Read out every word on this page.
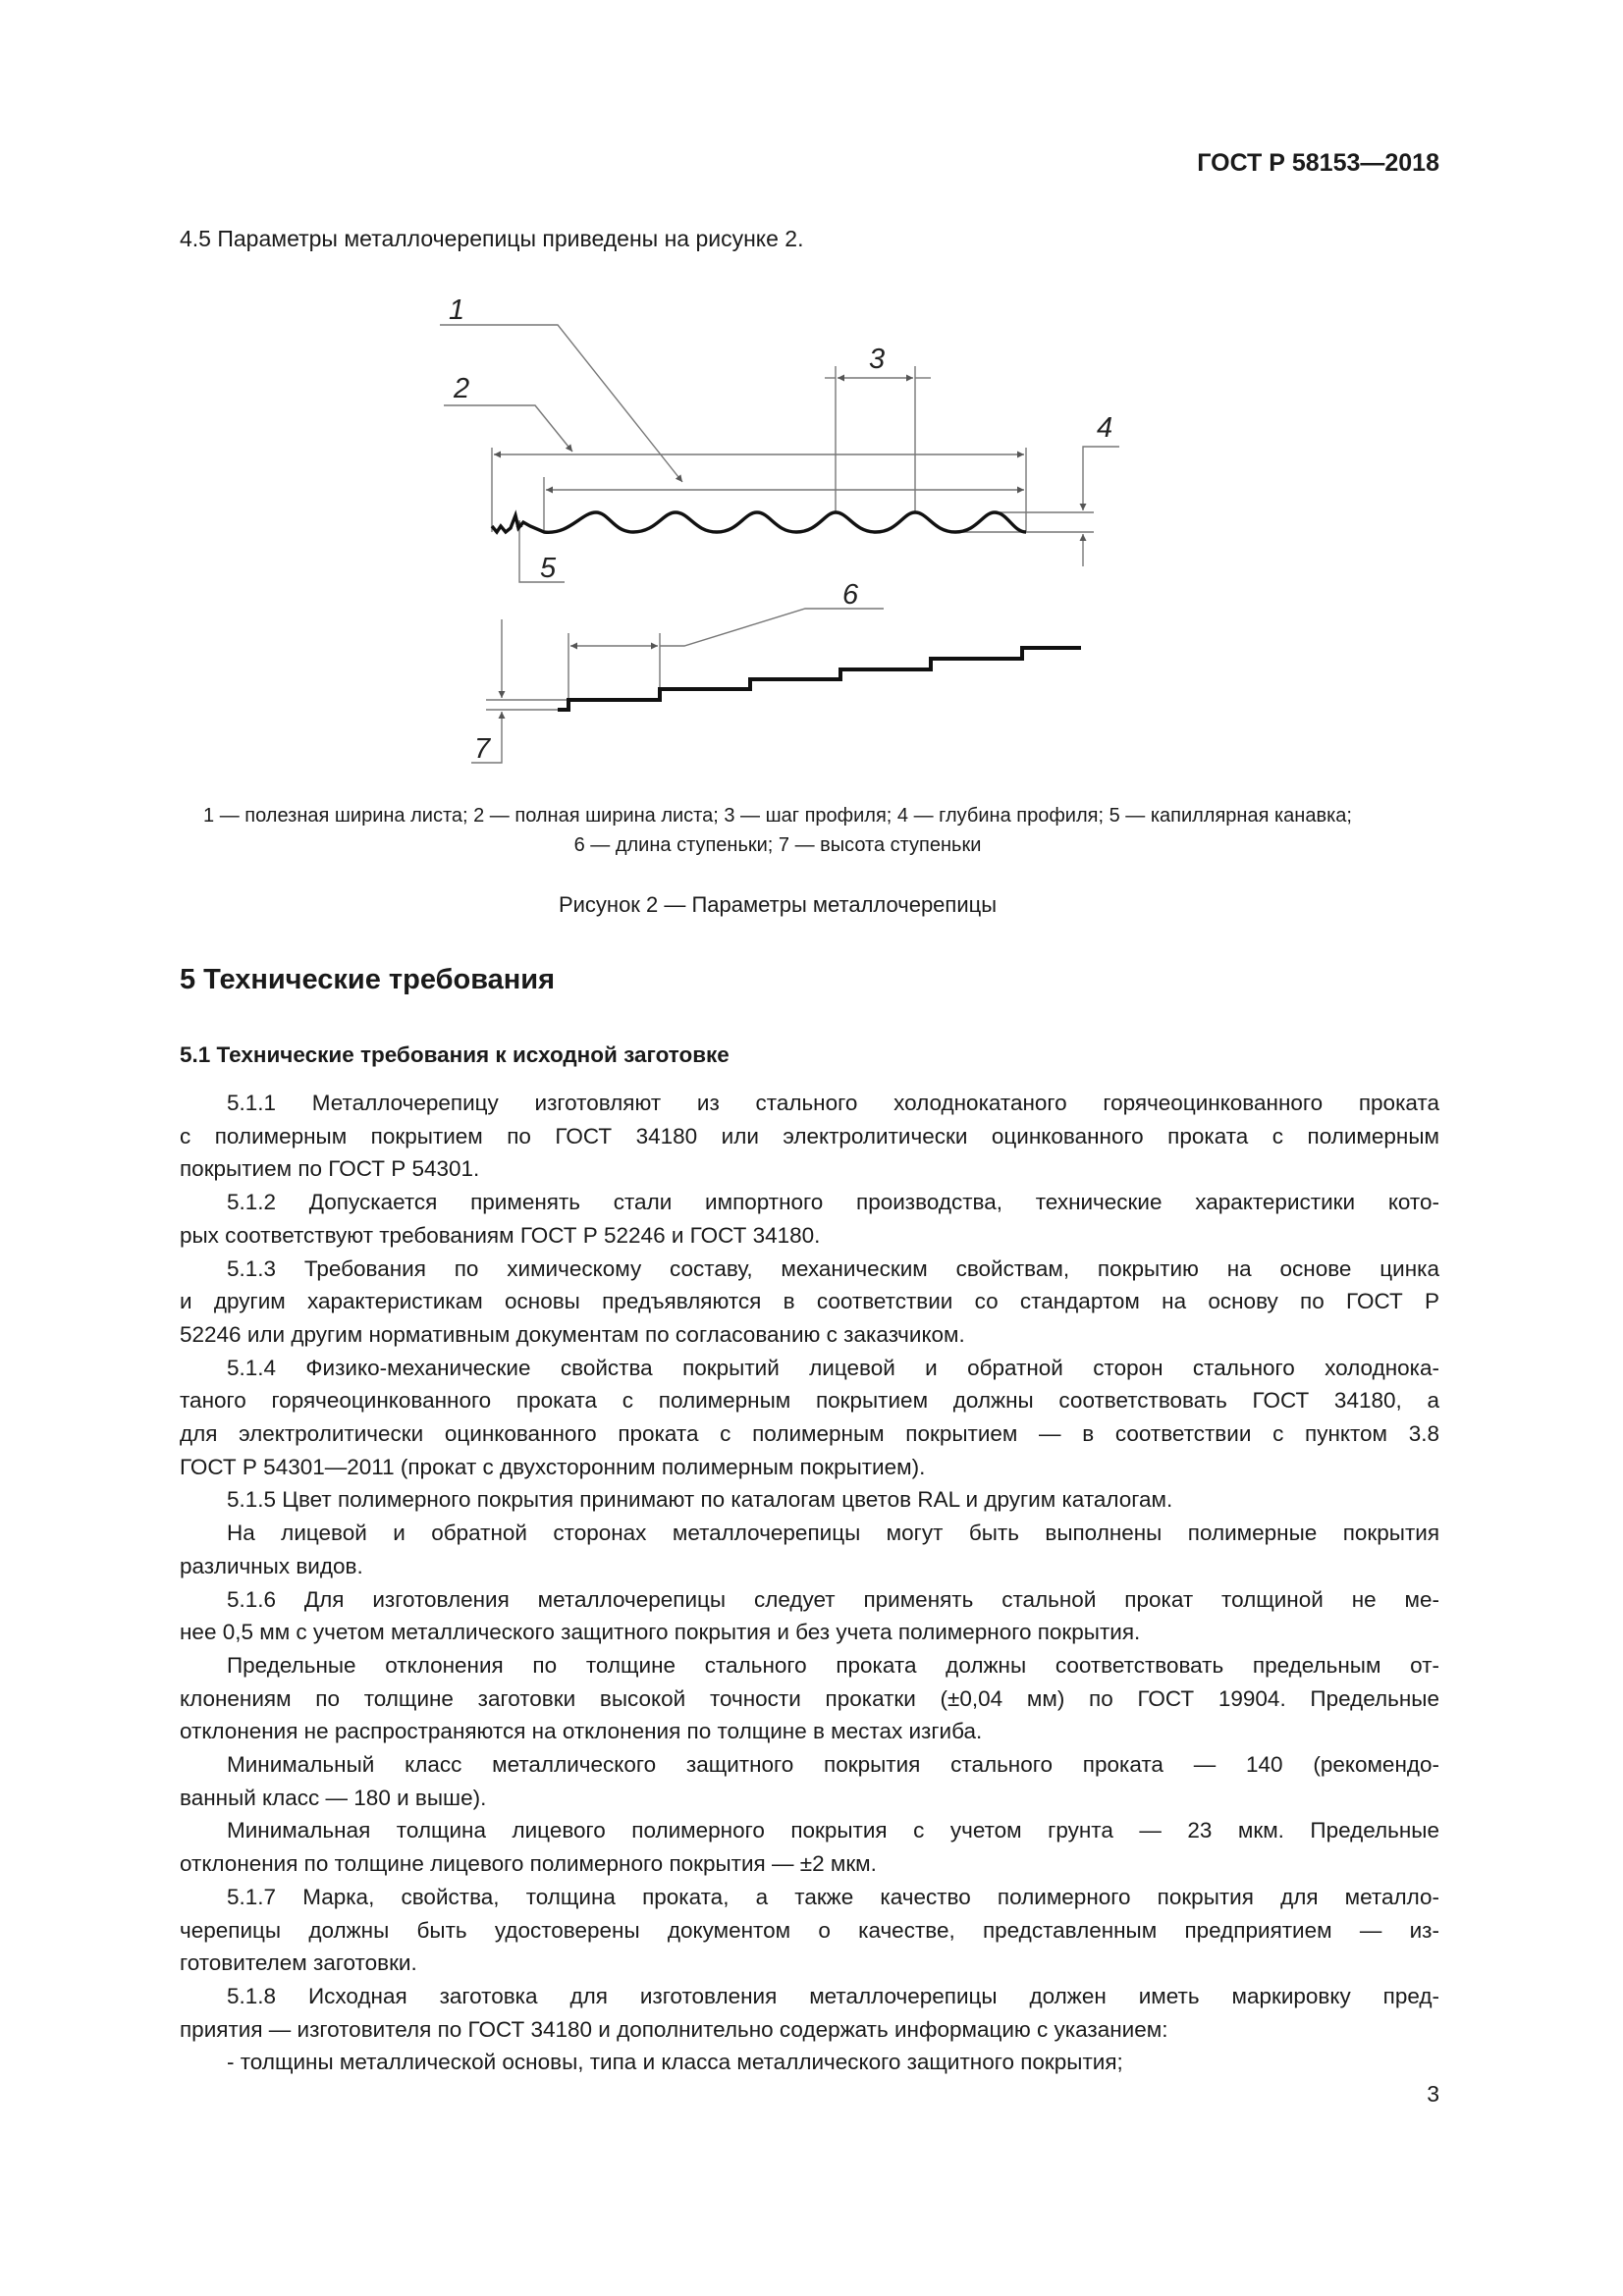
ГОСТ Р 58153—2018
4.5 Параметры металлочерепицы приведены на рисунке 2.
1
2
3
4
5
6
7
1 — полезная ширина листа; 2 — полная ширина листа; 3 — шаг профиля; 4 — глубина профиля; 5 — капиллярная канавка;
6 — длина ступеньки; 7 — высота ступеньки
Рисунок 2 — Параметры металлочерепицы
5 Технические требования
5.1 Технические требования к исходной заготовке
5.1.1 Металлочерепицу изготовляют из стального холоднокатаного горячеоцинкованного проката
с полимерным покрытием по ГОСТ 34180 или электролитически оцинкованного проката с полимерным
покрытием по ГОСТ Р 54301.
5.1.2 Допускается применять стали импортного производства, технические характеристики кото-
рых соответствуют требованиям ГОСТ Р 52246 и ГОСТ 34180.
5.1.3 Требования по химическому составу, механическим свойствам, покрытию на основе цинка
и другим характеристикам основы предъявляются в соответствии со стандартом на основу по ГОСТ Р
52246 или другим нормативным документам по согласованию с заказчиком.
5.1.4 Физико-механические свойства покрытий лицевой и обратной сторон стального холоднока-
таного горячеоцинкованного проката с полимерным покрытием должны соответствовать ГОСТ 34180, а
для электролитически оцинкованного проката с полимерным покрытием — в соответствии с пунктом 3.8
ГОСТ Р 54301—2011 (прокат с двухсторонним полимерным покрытием).
5.1.5 Цвет полимерного покрытия принимают по каталогам цветов RAL и другим каталогам.
На лицевой и обратной сторонах металлочерепицы могут быть выполнены полимерные покрытия
различных видов.
5.1.6 Для изготовления металлочерепицы следует применять стальной прокат толщиной не ме-
нее 0,5 мм с учетом металлического защитного покрытия и без учета полимерного покрытия.
Предельные отклонения по толщине стального проката должны соответствовать предельным от-
клонениям по толщине заготовки высокой точности прокатки (±0,04 мм) по ГОСТ 19904. Предельные
отклонения не распространяются на отклонения по толщине в местах изгиба.
Минимальный класс металлического защитного покрытия стального проката — 140 (рекомендо-
ванный класс — 180 и выше).
Минимальная толщина лицевого полимерного покрытия с учетом грунта — 23 мкм. Предельные
отклонения по толщине лицевого полимерного покрытия — ±2 мкм.
5.1.7 Марка, свойства, толщина проката, а также качество полимерного покрытия для металло-
черепицы должны быть удостоверены документом о качестве, представленным предприятием — из-
готовителем заготовки.
5.1.8 Исходная заготовка для изготовления металлочерепицы должен иметь маркировку пред-
приятия — изготовителя по ГОСТ 34180 и дополнительно содержать информацию с указанием:
- толщины металлической основы, типа и класса металлического защитного покрытия;
3
